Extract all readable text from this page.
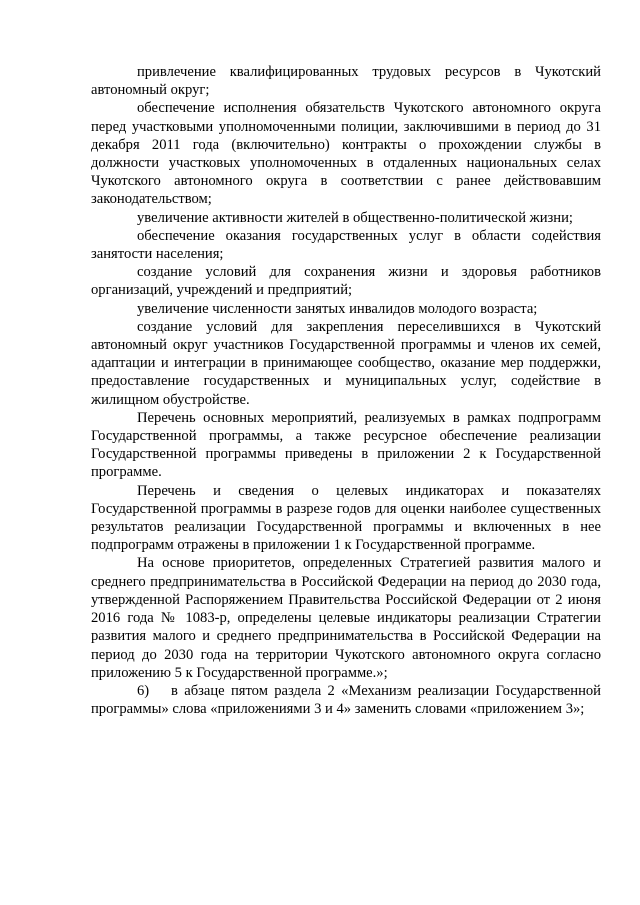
привлечение квалифицированных трудовых ресурсов в Чукотский автономный округ;

обеспечение исполнения обязательств Чукотского автономного округа перед участковыми уполномоченными полиции, заключившими в период до 31 декабря 2011 года (включительно) контракты о прохождении службы в должности участковых уполномоченных в отдаленных национальных селах Чукотского автономного округа в соответствии с ранее действовавшим законодательством;

увеличение активности жителей в общественно-политической жизни;

обеспечение оказания государственных услуг в области содействия занятости населения;

создание условий для сохранения жизни и здоровья работников организаций, учреждений и предприятий;

увеличение численности занятых инвалидов молодого возраста;

создание условий для закрепления переселившихся в Чукотский автономный округ участников Государственной программы и членов их семей, адаптации и интеграции в принимающее сообщество, оказание мер поддержки, предоставление государственных и муниципальных услуг, содействие в жилищном обустройстве.

Перечень основных мероприятий, реализуемых в рамках подпрограмм Государственной программы, а также ресурсное обеспечение реализации Государственной программы приведены в приложении 2 к Государственной программе.

Перечень и сведения о целевых индикаторах и показателях Государственной программы в разрезе годов для оценки наиболее существенных результатов реализации Государственной программы и включенных в нее подпрограмм отражены в приложении 1 к Государственной программе.

На основе приоритетов, определенных Стратегией развития малого и среднего предпринимательства в Российской Федерации на период до 2030 года, утвержденной Распоряжением Правительства Российской Федерации от 2 июня 2016 года № 1083-р, определены целевые индикаторы реализации Стратегии развития малого и среднего предпринимательства в Российской Федерации на период до 2030 года на территории Чукотского автономного округа согласно приложению 5 к Государственной программе.»;

6) в абзаце пятом раздела 2 «Механизм реализации Государственной программы» слова «приложениями 3 и 4» заменить словами «приложением 3»;
